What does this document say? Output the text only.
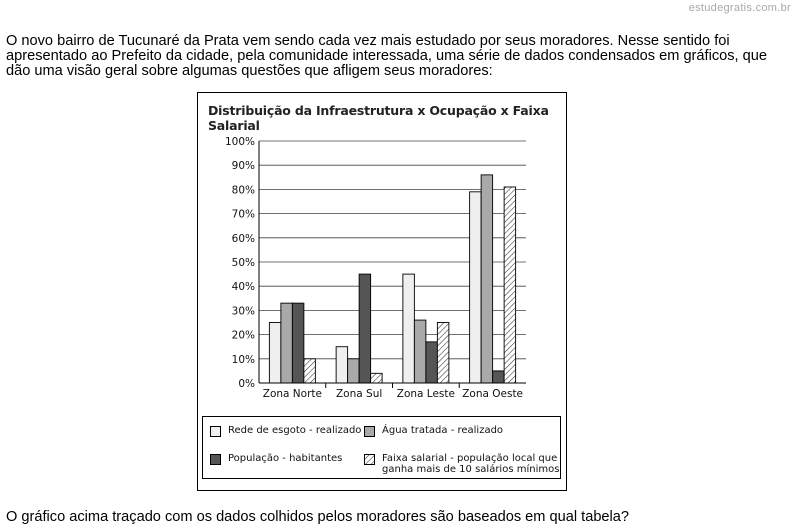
estudegratis.com.br

O novo bairro de Tucunaré da Prata vem sendo cada vez mais estudado por seus moradores. Nesse sentido foi apresentado ao Prefeito da cidade, pela comunidade interessada, uma série de dados condensados em gráficos, que dão uma visão geral sobre algumas questões que afligem seus moradores:

Distribuição da Infraestrutura x Ocupação x Faixa Salarial
0%
10%
20%
30%
40%
50%
60%
70%
80%
90%
100%
Zona Norte Zona Sul Zona Leste Zona Oeste
Rede de esgoto - realizado Água tratada - realizado
População - habitantes	Faixa salarial - população local que
ganha mais de 10 salários mínimos

O gráfico acima traçado com os dados colhidos pelos moradores são baseados em qual tabela?
